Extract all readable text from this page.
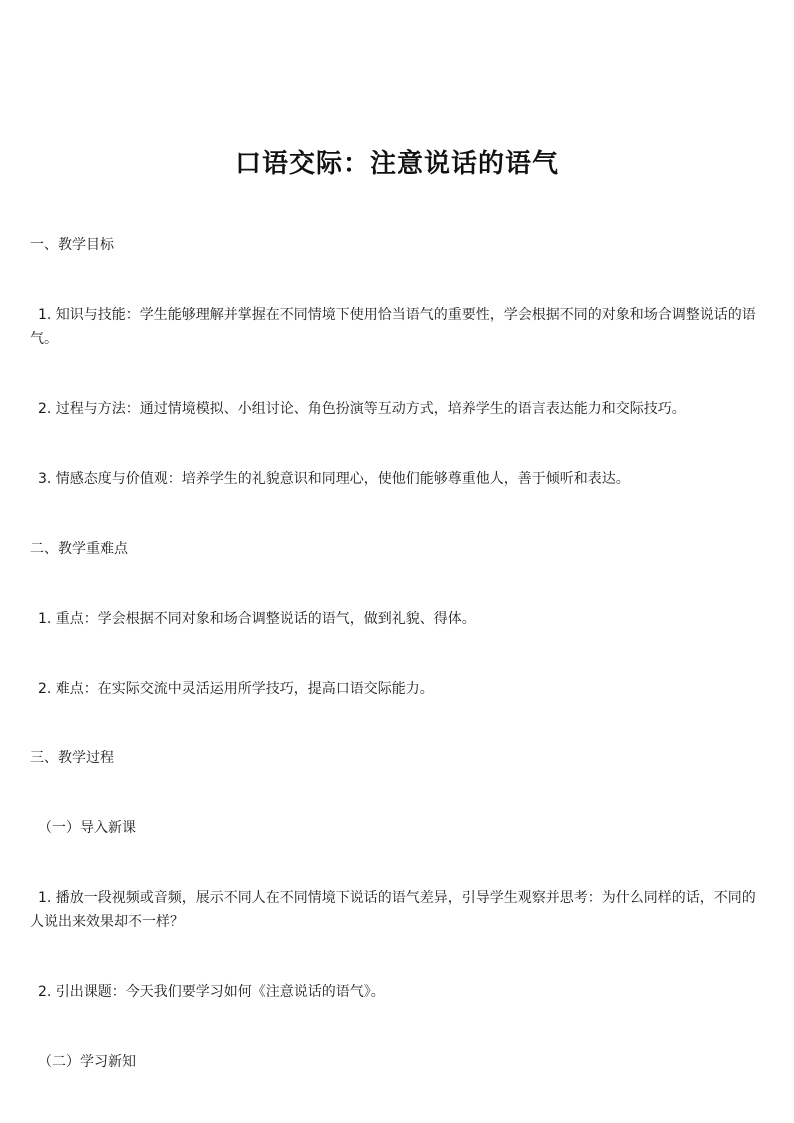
口语交际：注意说话的语气

一、教学目标

1. 知识与技能：学生能够理解并掌握在不同情境下使用恰当语气的重要性，学会根据不同的对象和场合调整说话的语气。

2. 过程与方法：通过情境模拟、小组讨论、角色扮演等互动方式，培养学生的语言表达能力和交际技巧。

3. 情感态度与价值观：培养学生的礼貌意识和同理心，使他们能够尊重他人，善于倾听和表达。

二、教学重难点

1. 重点：学会根据不同对象和场合调整说话的语气，做到礼貌、得体。

2. 难点：在实际交流中灵活运用所学技巧，提高口语交际能力。

三、教学过程

（一）导入新课

1. 播放一段视频或音频，展示不同人在不同情境下说话的语气差异，引导学生观察并思考：为什么同样的话，不同的人说出来效果却不一样？

2. 引出课题：今天我们要学习如何《注意说话的语气》。

（二）学习新知
